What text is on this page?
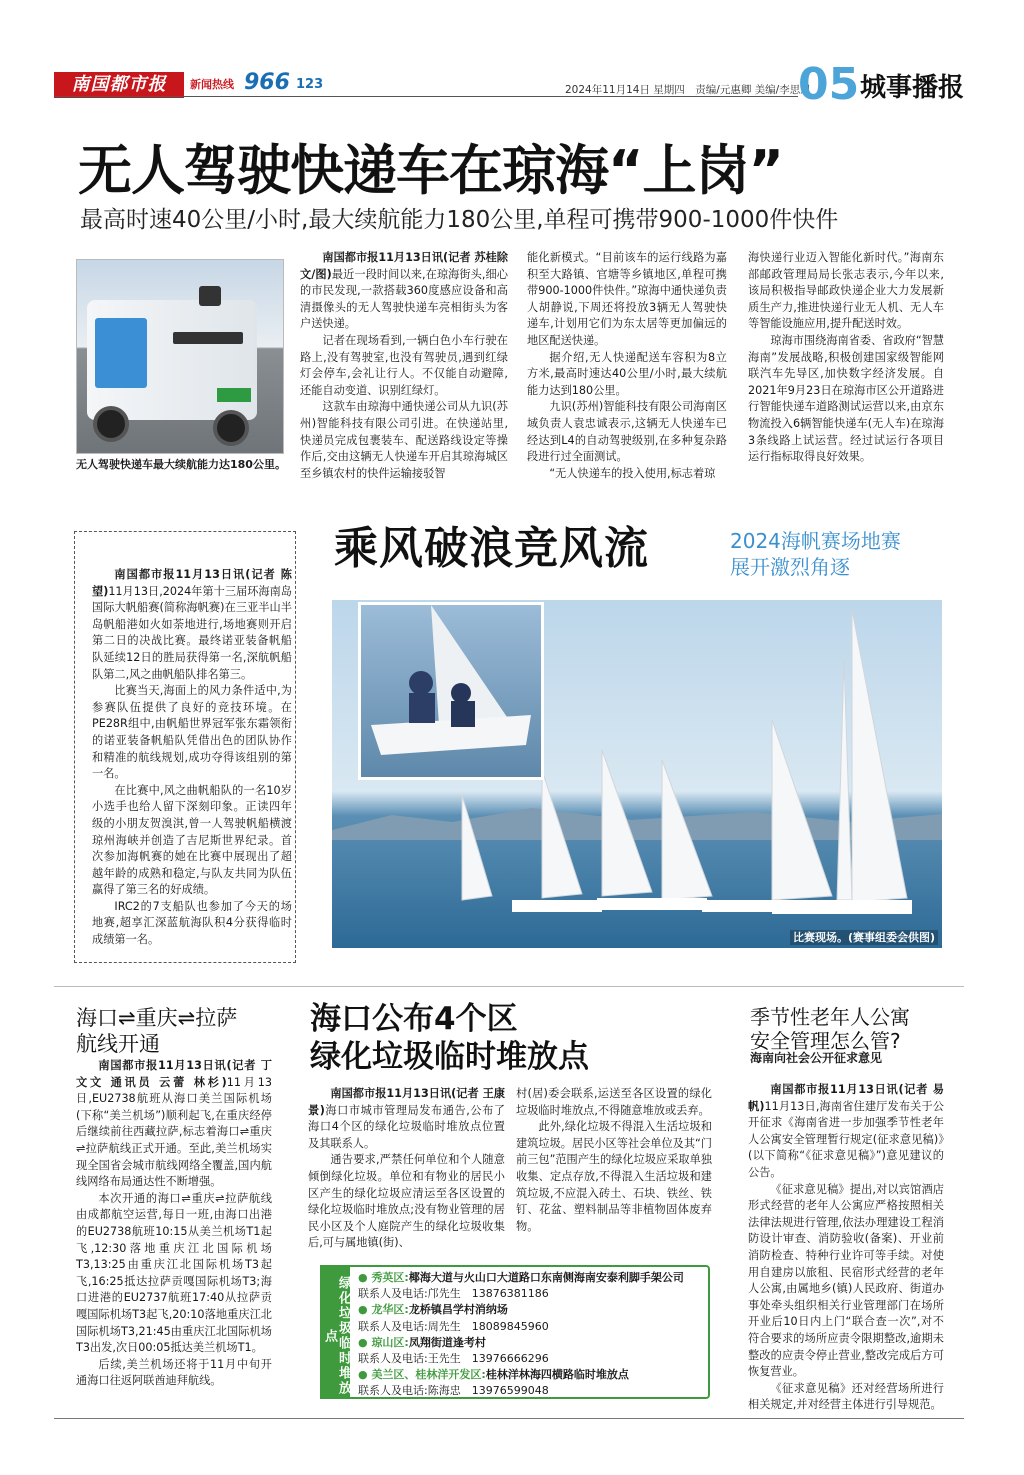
南国都市报	新闻热线 966 123	2024年11月14日 星期四　责编/元惠卿 美编/李思思
05 城事播报
无人驾驶快递车在琼海“上岗”
最高时速40公里/小时,最大续航能力180公里,单程可携带900-1000件快件
无人驾驶快递车最大续航能力达180公里。

南国都市报11月13日讯(记者 苏桂除 文/图)最近一段时间以来,在琼海街头,细心的市民发现,一款搭载360度感应设备和高清摄像头的无人驾驶快递车亮相街头为客户送快递。

记者在现场看到,一辆白色小车行驶在路上,没有驾驶室,也没有驾驶员,遇到红绿灯会停车,会礼让行人。不仅能自动避障,还能自动变道、识别红绿灯。

这款车由琼海中通快递公司从九识(苏州)智能科技有限公司引进。在快递站里,快递员完成包裹装车、配送路线设定等操作后,交由这辆无人快递车开启其琼海城区至乡镇农村的快件运输接驳智

能化新模式。“目前该车的运行线路为嘉积至大路镇、官塘等乡镇地区,单程可携带900-1000件快件。”琼海中通快递负责人胡静说,下周还将投放3辆无人驾驶快递车,计划用它们为东太居等更加偏远的地区配送快递。

据介绍,无人快递配送车容积为8立方米,最高时速达40公里/小时,最大续航能力达到180公里。

九识(苏州)智能科技有限公司海南区域负责人袁忠诚表示,这辆无人快递车已经达到L4的自动驾驶级别,在多种复杂路段进行过全面测试。

“无人快递车的投入使用,标志着琼

海快递行业迈入智能化新时代。”海南东部邮政管理局局长张志表示,今年以来,该局积极指导邮政快递企业大力发展新质生产力,推进快递行业无人机、无人车等智能设施应用,提升配送时效。

琼海市围绕海南省委、省政府“智慧海南”发展战略,积极创建国家级智能网联汽车先导区,加快数字经济发展。自2021年9月23日在琼海市区公开道路进行智能快递车道路测试运营以来,由京东物流投入6辆智能快递车(无人车)在琼海3条线路上试运营。经过试运行各项目运行指标取得良好效果。

南国都市报11月13日讯(记者 陈望)11月13日,2024年第十三届环海南岛国际大帆船赛(简称海帆赛)在三亚半山半岛帆船港如火如荼地进行,场地赛则开启第二日的决战比赛。最终诺亚装备帆船队延续12日的胜局获得第一名,深航帆船队第二,风之曲帆船队排名第三。

比赛当天,海面上的风力条件适中,为参赛队伍提供了良好的竞技环境。在PE28R组中,由帆船世界冠军张东霜领衔的诺亚装备帆船队凭借出色的团队协作和精准的航线规划,成功夺得该组别的第一名。

在比赛中,风之曲帆船队的一名10岁小选手也给人留下深刻印象。正读四年级的小朋友贺溴淇,曾一人驾驶帆船横渡琼州海峡并创造了吉尼斯世界纪录。首次参加海帆赛的她在比赛中展现出了超越年龄的成熟和稳定,与队友共同为队伍赢得了第三名的好成绩。

IRC2的7支船队也参加了今天的场地赛,超享汇深蓝航海队积4分获得临时成绩第一名。

乘风破浪竞风流	2024海帆赛场地赛
展开激烈角逐
比赛现场。(赛事组委会供图)
海口⇌重庆⇌拉萨航线开通

南国都市报11月13日讯(记者 丁文文 通讯员 云蕾 林杉)11月13日,EU2738航班从海口美兰国际机场(下称“美兰机场”)顺利起飞,在重庆经停后继续前往西藏拉萨,标志着海口⇌重庆⇌拉萨航线正式开通。至此,美兰机场实现全国省会城市航线网络全覆盖,国内航线网络布局通达性不断增强。

本次开通的海口⇌重庆⇌拉萨航线由成都航空运营,每日一班,由海口出港的EU2738航班10:15从美兰机场T1起飞,12:30落地重庆江北国际机场T3,13:25由重庆江北国际机场T3起飞,16:25抵达拉萨贡嘎国际机场T3;海口进港的EU2737航班17:40从拉萨贡嘎国际机场T3起飞,20:10落地重庆江北国际机场T3,21:45由重庆江北国际机场T3出发,次日00:05抵达美兰机场T1。

后续,美兰机场还将于11月中旬开通海口往返阿联酋迪拜航线。

海口公布4个区
绿化垃圾临时堆放点

南国都市报11月13日讯(记者 王康景)海口市城市管理局发布通告,公布了海口4个区的绿化垃圾临时堆放点位置及其联系人。

通告要求,严禁任何单位和个人随意倾倒绿化垃圾。单位和有物业的居民小区产生的绿化垃圾应清运至各区设置的绿化垃圾临时堆放点;没有物业管理的居民小区及个人庭院产生的绿化垃圾收集后,可与属地镇(街)、

村(居)委会联系,运送至各区设置的绿化垃圾临时堆放点,不得随意堆放或丢弃。

此外,绿化垃圾不得混入生活垃圾和建筑垃圾。居民小区等社会单位及其“门前三包”范围产生的绿化垃圾应采取单独收集、定点存放,不得混入生活垃圾和建筑垃圾,不应混入砖土、石块、铁丝、铁钉、花盆、塑料制品等非植物固体废弃物。

绿化垃圾临时堆放点
● 秀英区:椰海大道与火山口大道路口东南侧海南安泰利脚手架公司
联系人及电话:邝先生　13876381186
● 龙华区:龙桥镇昌学村消纳场
联系人及电话:周先生　18089845960
● 琼山区:凤翔街道逢考村
联系人及电话:王先生　13976666296
● 美兰区、桂林洋开发区:桂林洋林海四横路临时堆放点
联系人及电话:陈海忠　13976599048
季节性老年人公寓
安全管理怎么管?
海南向社会公开征求意见

南国都市报11月13日讯(记者 易帆)11月13日,海南省住建厅发布关于公开征求《海南省进一步加强季节性老年人公寓安全管理暂行规定(征求意见稿)》(以下简称“《征求意见稿》”)意见建议的公告。

《征求意见稿》提出,对以宾馆酒店形式经营的老年人公寓应严格按照相关法律法规进行管理,依法办理建设工程消防设计审查、消防验收(备案)、开业前消防检查、特种行业许可等手续。对使用自建房以旅租、民宿形式经营的老年人公寓,由属地乡(镇)人民政府、街道办事处牵头组织相关行业管理部门在场所开业后10日内上门“联合查一次”,对不符合要求的场所应责令限期整改,逾期未整改的应责令停止营业,整改完成后方可恢复营业。

《征求意见稿》还对经营场所进行相关规定,并对经营主体进行引导规范。
